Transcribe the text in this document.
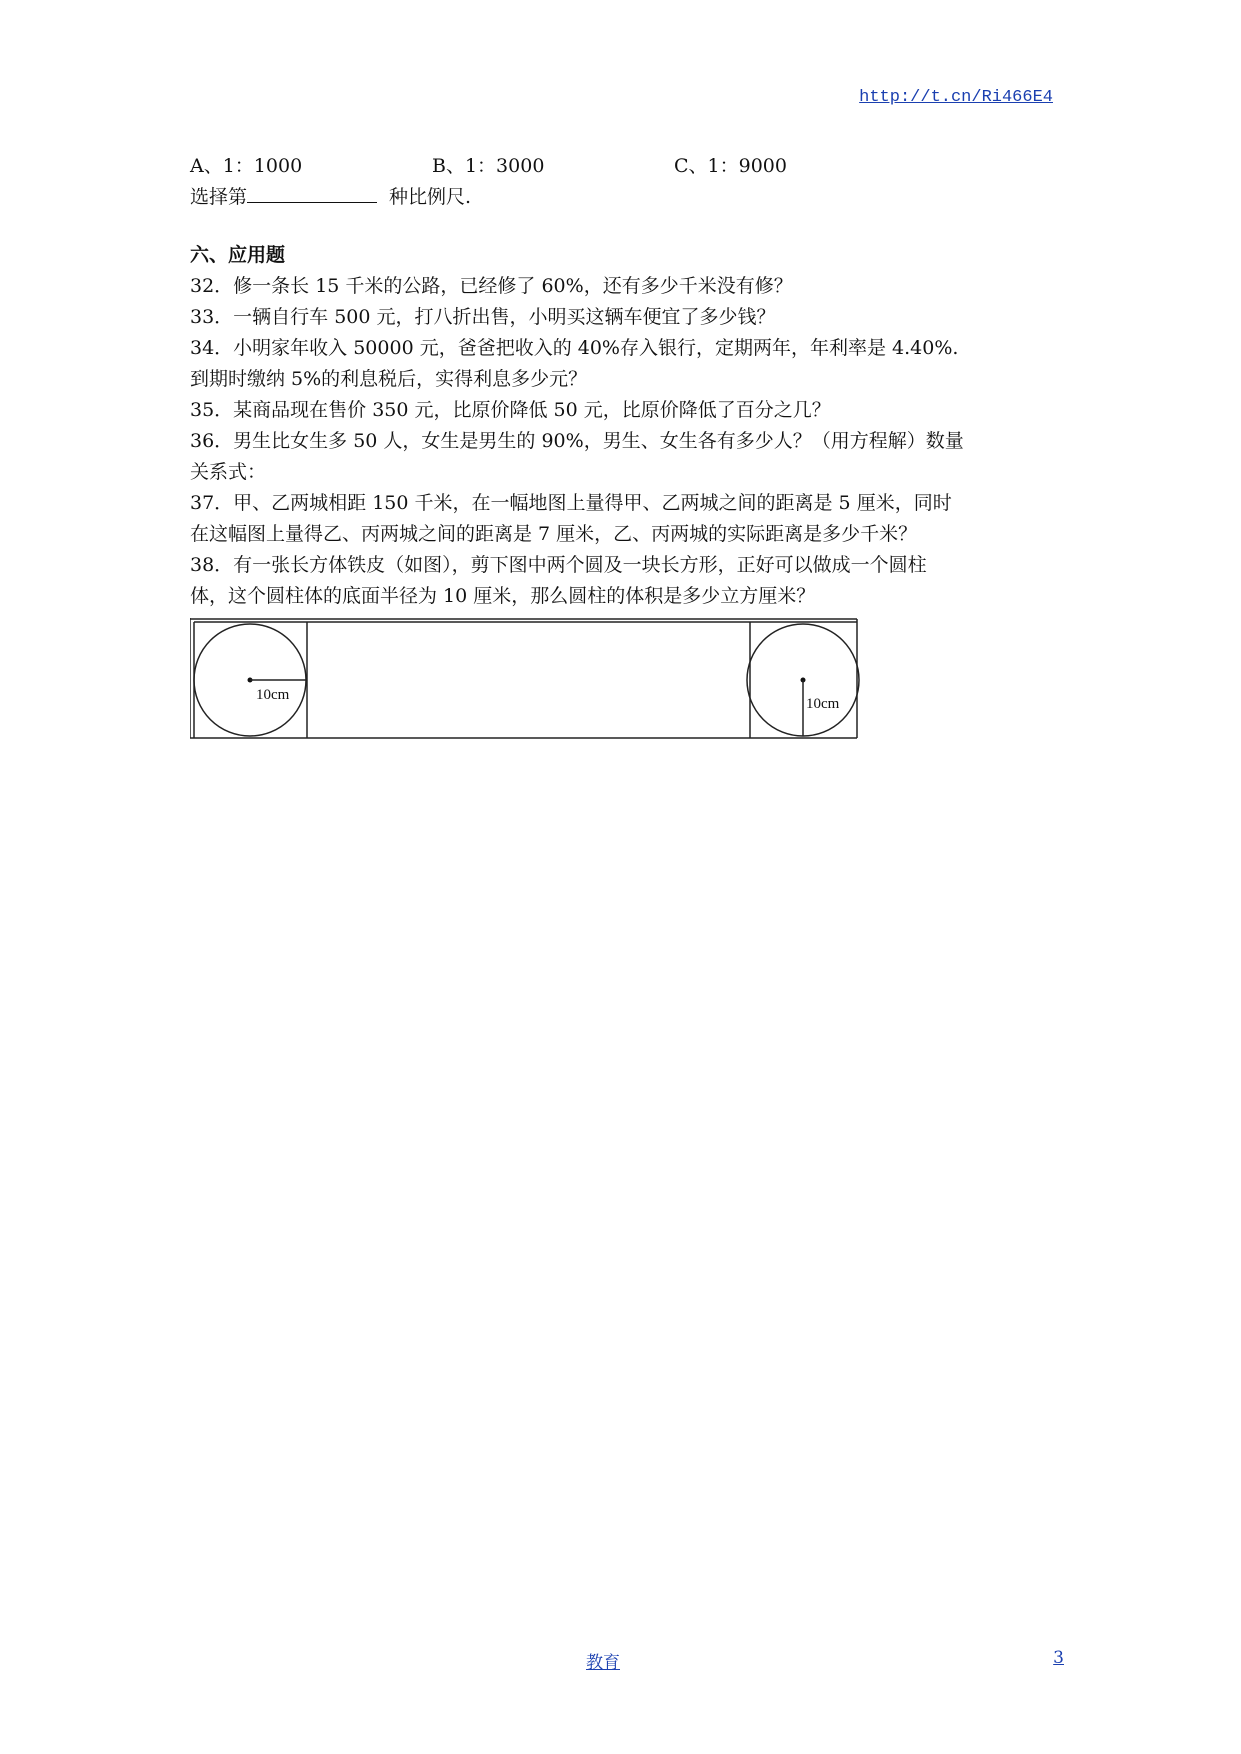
http://t.cn/Ri466E4
A、1：1000	B、1：3000	C、1：9000
选择第	种比例尺.
六、应用题
32．修一条长 15 千米的公路，已经修了 60%，还有多少千米没有修？
33．一辆自行车 500 元，打八折出售，小明买这辆车便宜了多少钱？
34．小明家年收入 50000 元，爸爸把收入的 40%存入银行，定期两年，年利率是 4.40%.
到期时缴纳 5%的利息税后，实得利息多少元？
35．某商品现在售价 350 元，比原价降低 50 元，比原价降低了百分之几？
36．男生比女生多 50 人，女生是男生的 90%，男生、女生各有多少人？（用方程解）数量
关系式：
37．甲、乙两城相距 150 千米，在一幅地图上量得甲、乙两城之间的距离是 5 厘米，同时
在这幅图上量得乙、丙两城之间的距离是 7 厘米，乙、丙两城的实际距离是多少千米？
38．有一张长方体铁皮（如图），剪下图中两个圆及一块长方形，正好可以做成一个圆柱
体，这个圆柱体的底面半径为 10 厘米，那么圆柱的体积是多少立方厘米？
10cm
10cm
教育	3
